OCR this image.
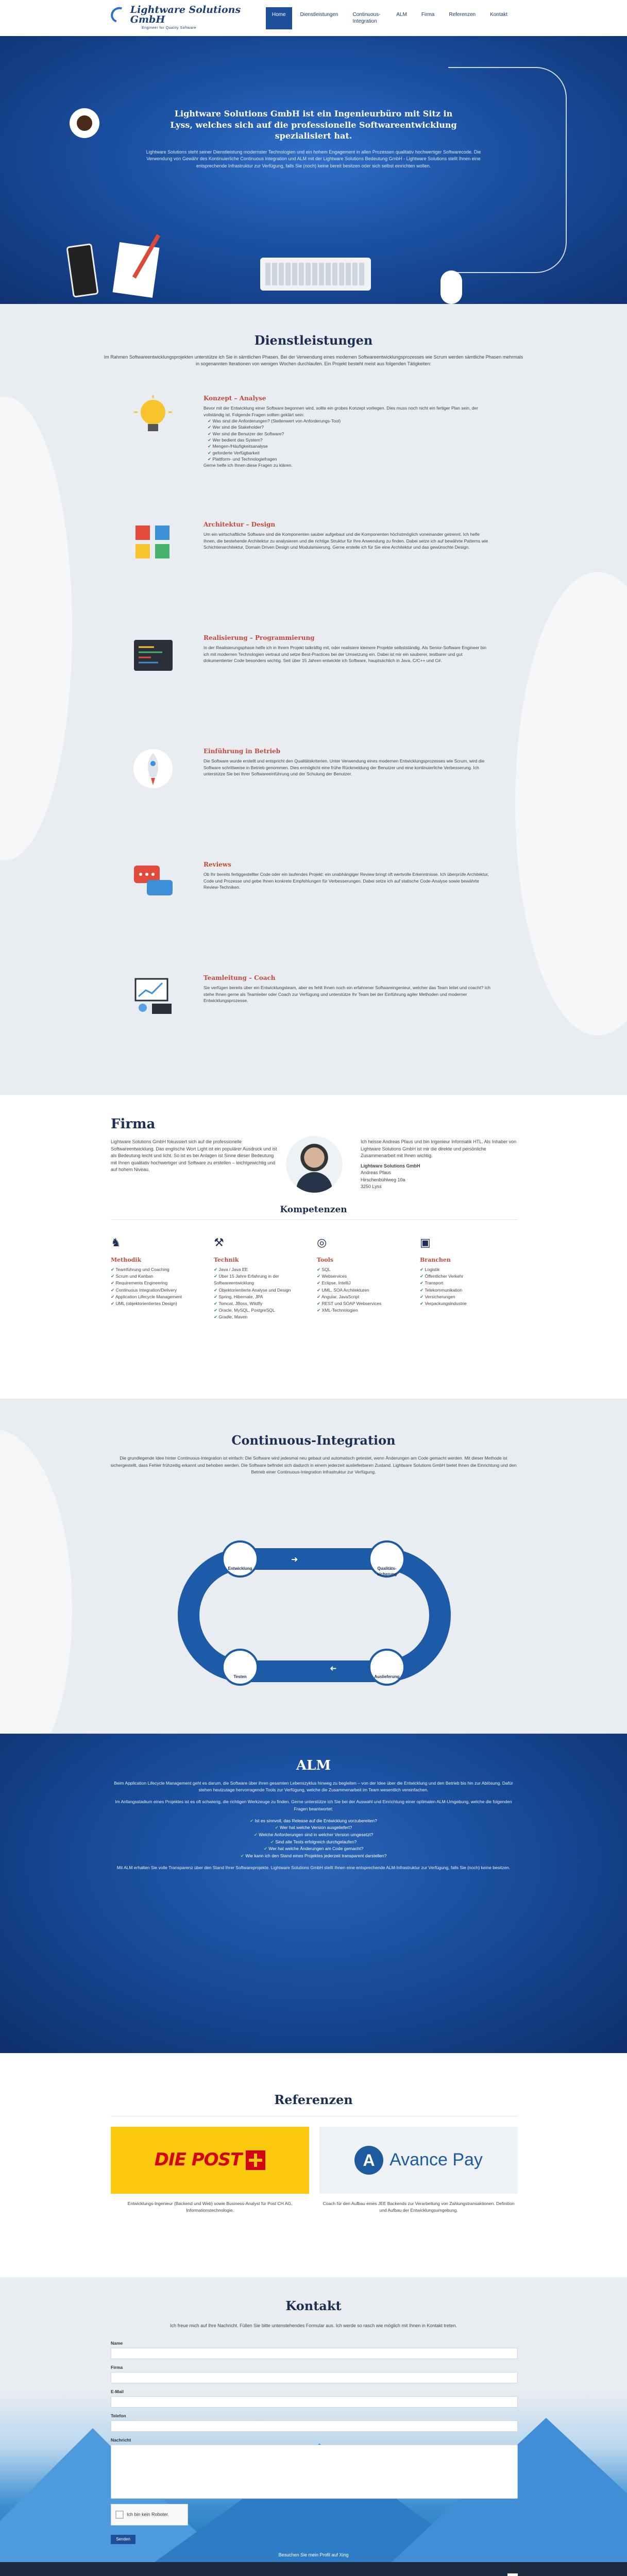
Lightware Solutions GmbH
Engineer for Quality Software
Home	Dienstleistungen	Continuous-Integration
ALM	Firma	Referenzen	Kontakt
Lightware Solutions GmbH ist ein Ingenieurbüro mit Sitz in Lyss, welches sich auf die professionelle Softwareentwicklung spezialisiert hat.

Lightware Solutions steht seiner Dienstleistung modernster Technologien und ein hohem Engagement in allen Prozessen qualitativ hochwertiger Softwarecode. Die Verwendung von Gewähr des Kontinuierliche Continuous Integration und ALM mit der Lightware Solutions Bedeutung GmbH - Lightware Solutions stellt Ihnen eine entsprechende Infrastruktur zur Verfügung, falls Sie (noch) keine bereit besitzen oder sich selbst einrichten wollen.

Dienstleistungen
Im Rahmen Softwareentwicklungsprojekten unterstütze ich Sie in sämtlichen Phasen. Bei der Verwendung eines modernen Softwareentwicklungsprozesses wie Scrum werden sämtliche Phasen mehrmals in sogenannten Iterationen von wenigen Wochen durchlaufen. Ein Projekt besteht meist aus folgenden Tätigkeiten:
Konzept – Analyse
Bevor mit der Entwicklung einer Software begonnen wird, sollte ein grobes Konzept vorliegen. Dies muss noch nicht ein fertiger Plan sein, der vollständig ist. Folgende Fragen sollten geklärt sein:
✔ Was sind die Anforderungen? (Stellenwert von Anforderungs-Tool)
✔ Wer sind die Stakeholder?
✔ Wer sind die Benutzer der Software?
✔ Wer bedient das System?
✔ Mengen-/Häufigkeitsanalyse
✔ geforderte Verfügbarkeit
✔ Plattform- und Technologiefragen
Gerne helfe ich Ihnen diese Fragen zu klären.
Architektur – Design
Um ein wirtschaftliche Software sind die Komponenten sauber aufgebaut und die Komponenten höchstmöglich voneinander getrennt. Ich helfe Ihnen, die bestehende Architektur zu analysieren und die richtige Struktur für Ihre Anwendung zu finden. Dabei setze ich auf bewährte Patterns wie Schichtenarchitektur, Domain Driven Design und Modularisierung. Gerne erstelle ich für Sie eine Architektur und das gewünschte Design.
Realisierung – Programmierung
In der Realisierungsphase helfe ich in Ihrem Projekt tatkräftig mit, oder realisiere kleinere Projekte selbstständig. Als Senior-Software Engineer bin ich mit modernen Technologien vertraut und setze Best-Practices bei der Umsetzung ein. Dabei ist mir ein sauberer, testbarer und gut dokumentierter Code besonders wichtig. Seit über 15 Jahren entwickle ich Software, hauptsächlich in Java, C/C++ und C#.
Einführung in Betrieb
Die Software wurde erstellt und entspricht den Qualitätskriterien. Unter Verwendung eines modernen Entwicklungsprozesses wie Scrum, wird die Software schrittweise in Betrieb genommen. Dies ermöglicht eine frühe Rückmeldung der Benutzer und eine kontinuierliche Verbesserung. Ich unterstütze Sie bei Ihrer Softwareeinführung und der Schulung der Benutzer.
Reviews
Ob Ihr bereits fertiggestellter Code oder ein laufendes Projekt: ein unabhängiger Review bringt oft wertvolle Erkenntnisse. Ich überprüfe Architektur, Code und Prozesse und gebe Ihnen konkrete Empfehlungen für Verbesserungen. Dabei setze ich auf statische Code-Analyse sowie bewährte Review-Techniken.
Teamleitung – Coach
Sie verfügen bereits über ein Entwicklungsteam, aber es fehlt Ihnen noch ein erfahrener Softwareingenieur, welcher das Team leitet und coacht? Ich stehe Ihnen gerne als Teamleiter oder Coach zur Verfügung und unterstütze Ihr Team bei der Einführung agiler Methoden und moderner Entwicklungsprozesse.
Firma
Lightware Solutions GmbH fokussiert sich auf die professionelle Softwareentwicklung. Das englische Wort Light ist ein populärer Ausdruck und ist als Bedeutung leicht und licht. So ist es bei Anlagen ist Sinne dieser Bedeutung mit Ihnen qualitativ hochwertiger und Software zu erstellen – leichtgewichtig und auf hohem Niveau.
Ich heisse Andreas Pfaus und bin Ingenieur Informatik HTL. Als Inhaber von Lightware Solutions GmbH ist mir die direkte und persönliche Zusammenarbeit mit Ihnen wichtig.
Lightware Solutions GmbH
Andreas Pfaus
Hirschenbühlweg 10a
3250 Lyss
Kompetenzen
♞
Methodik
✔ Teamführung und Coaching
✔ Scrum und Kanban
✔ Requirements Engineering
✔ Continuous Integration/Delivery
✔ Application Lifecycle Management
✔ UML (objektorientiertes Design)
⚒
Technik
✔ Java / Java EE
✔ Über 15 Jahre Erfahrung in der Softwareentwicklung
✔ Objektorientierte Analyse und Design
✔ Spring, Hibernate, JPA
✔ Tomcat, JBoss, Wildfly
✔ Oracle, MySQL, PostgreSQL
✔ Gradle, Maven
◎
Tools
✔ SQL
✔ Webservices
✔ Eclipse, IntelliJ
✔ UML, SOA Architekturen
✔ Angular, JavaScript
✔ REST und SOAP Webservices
✔ XML-Technologien
▣
Branchen
✔ Logistik
✔ Öffentlicher Verkehr
✔ Transport
✔ Telekommunikation
✔ Versicherungen
✔ Verpackungsindustrie
Continuous-Integration
Die grundlegende Idee hinter Continuous-Integration ist einfach: Die Software wird jedesmal neu gebaut und automatisch getestet, wenn Änderungen am Code gemacht werden. Mit dieser Methode ist sichergestellt, dass Fehler frühzeitig erkannt und behoben werden. Die Software befindet sich dadurch in einem jederzeit auslieferbaren Zustand. Lightware Solutions GmbH bietet Ihnen die Einrichtung und den Betrieb einer Continuous-Integration Infrastruktur zur Verfügung.
➜
➜
Entwicklung	Qualitäts-sicherung
Testen	Auslieferung
ALM
Beim Application Lifecycle Management geht es darum, die Software über ihren gesamten Lebenszyklus hinweg zu begleiten – von der Idee über die Entwicklung und den Betrieb bis hin zur Ablösung. Dafür stehen heutzutage hervorragende Tools zur Verfügung, welche die Zusammenarbeit im Team wesentlich vereinfachen.
Im Anfangsstadium eines Projektes ist es oft schwierig, die richtigen Werkzeuge zu finden. Gerne unterstütze ich Sie bei der Auswahl und Einrichtung einer optimalen ALM-Umgebung, welche die folgenden Fragen beantwortet:
✔ Ist es sinnvoll, das Release auf die Entwicklung vorzubereiten?
✔ Wer hat welche Version ausgeliefert?
✔ Welche Anforderungen sind in welcher Version umgesetzt?
✔ Sind alle Tests erfolgreich durchgelaufen?
✔ Wer hat welche Änderungen am Code gemacht?
✔ Wie kann ich den Stand eines Projektes jederzeit transparent darstellen?
Mit ALM erhalten Sie volle Transparenz über den Stand Ihrer Softwareprojekte. Lightware Solutions GmbH stellt Ihnen eine entsprechende ALM-Infrastruktur zur Verfügung, falls Sie (noch) keine besitzen.
Referenzen
DIE POST	A Avance Pay
Entwicklungs-Ingenieur (Backend und Web) sowie Business-Analyst für Post CH AG, Informationstechnologie.
Coach für den Aufbau eines JEE Backends zur Verarbeitung von Zahlungstransaktionen. Definition und Aufbau der Entwicklungsumgebung.
Kontakt
Ich freue mich auf Ihre Nachricht. Füllen Sie bitte untenstehendes Formular aus. Ich werde so rasch wie möglich mit Ihnen in Kontakt treten.
Name
Firma
E-Mail
Telefon
Nachricht
Ich bin kein Roboter.
Senden
Besuchen Sie mein Profil auf Xing
